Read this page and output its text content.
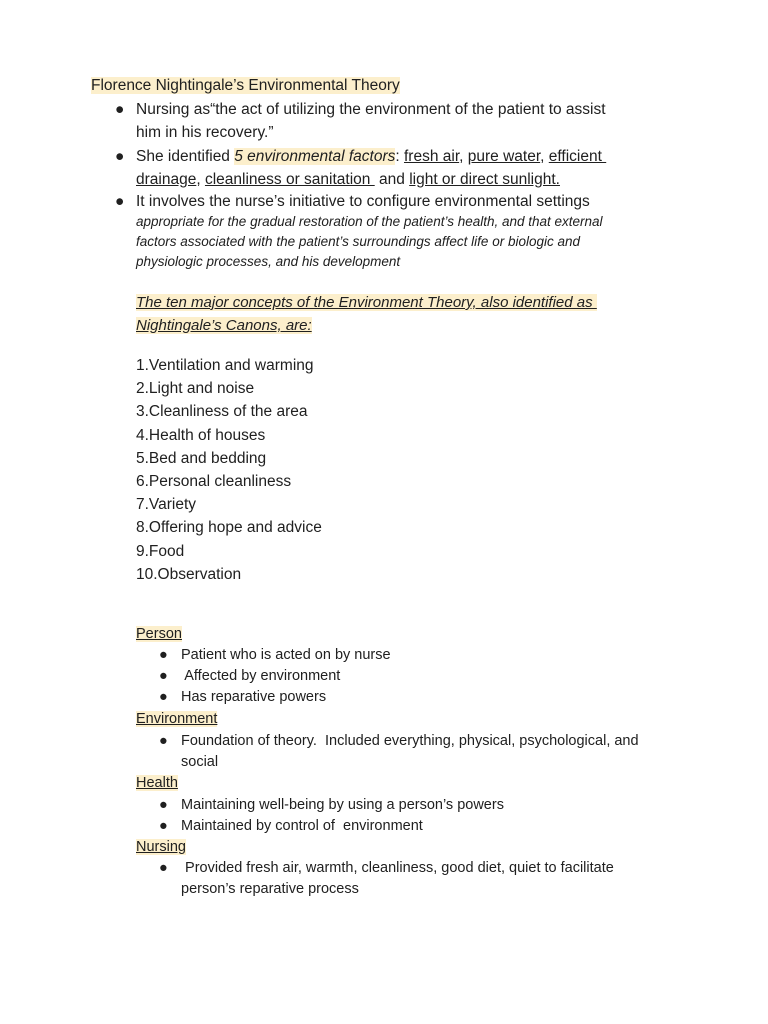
Florence Nightingale’s Environmental Theory
● Nursing as“the act of utilizing the environment of the patient to assist
him in his recovery.”
● She identified 5 environmental factors: fresh air, pure water, efficient
drainage, cleanliness or sanitation  and light or direct sunlight.
● It involves the nurse’s initiative to configure environmental settings
appropriate for the gradual restoration of the patient’s health, and that external
factors associated with the patient’s surroundings affect life or biologic and
physiologic processes, and his development
The ten major concepts of the Environment Theory, also identified as
Nightingale’s Canons, are:
1.Ventilation and warming
2.Light and noise
3.Cleanliness of the area
4.Health of houses
5.Bed and bedding
6.Personal cleanliness
7.Variety
8.Offering hope and advice
9.Food
10.Observation
Person
● Patient who is acted on by nurse
● Affected by environment
● Has reparative powers
Environment
● Foundation of theory.  Included everything, physical, psychological, and
social
Health
● Maintaining well-being by using a person’s powers
● Maintained by control of  environment
Nursing
● Provided fresh air, warmth, cleanliness, good diet, quiet to facilitate
person’s reparative process
